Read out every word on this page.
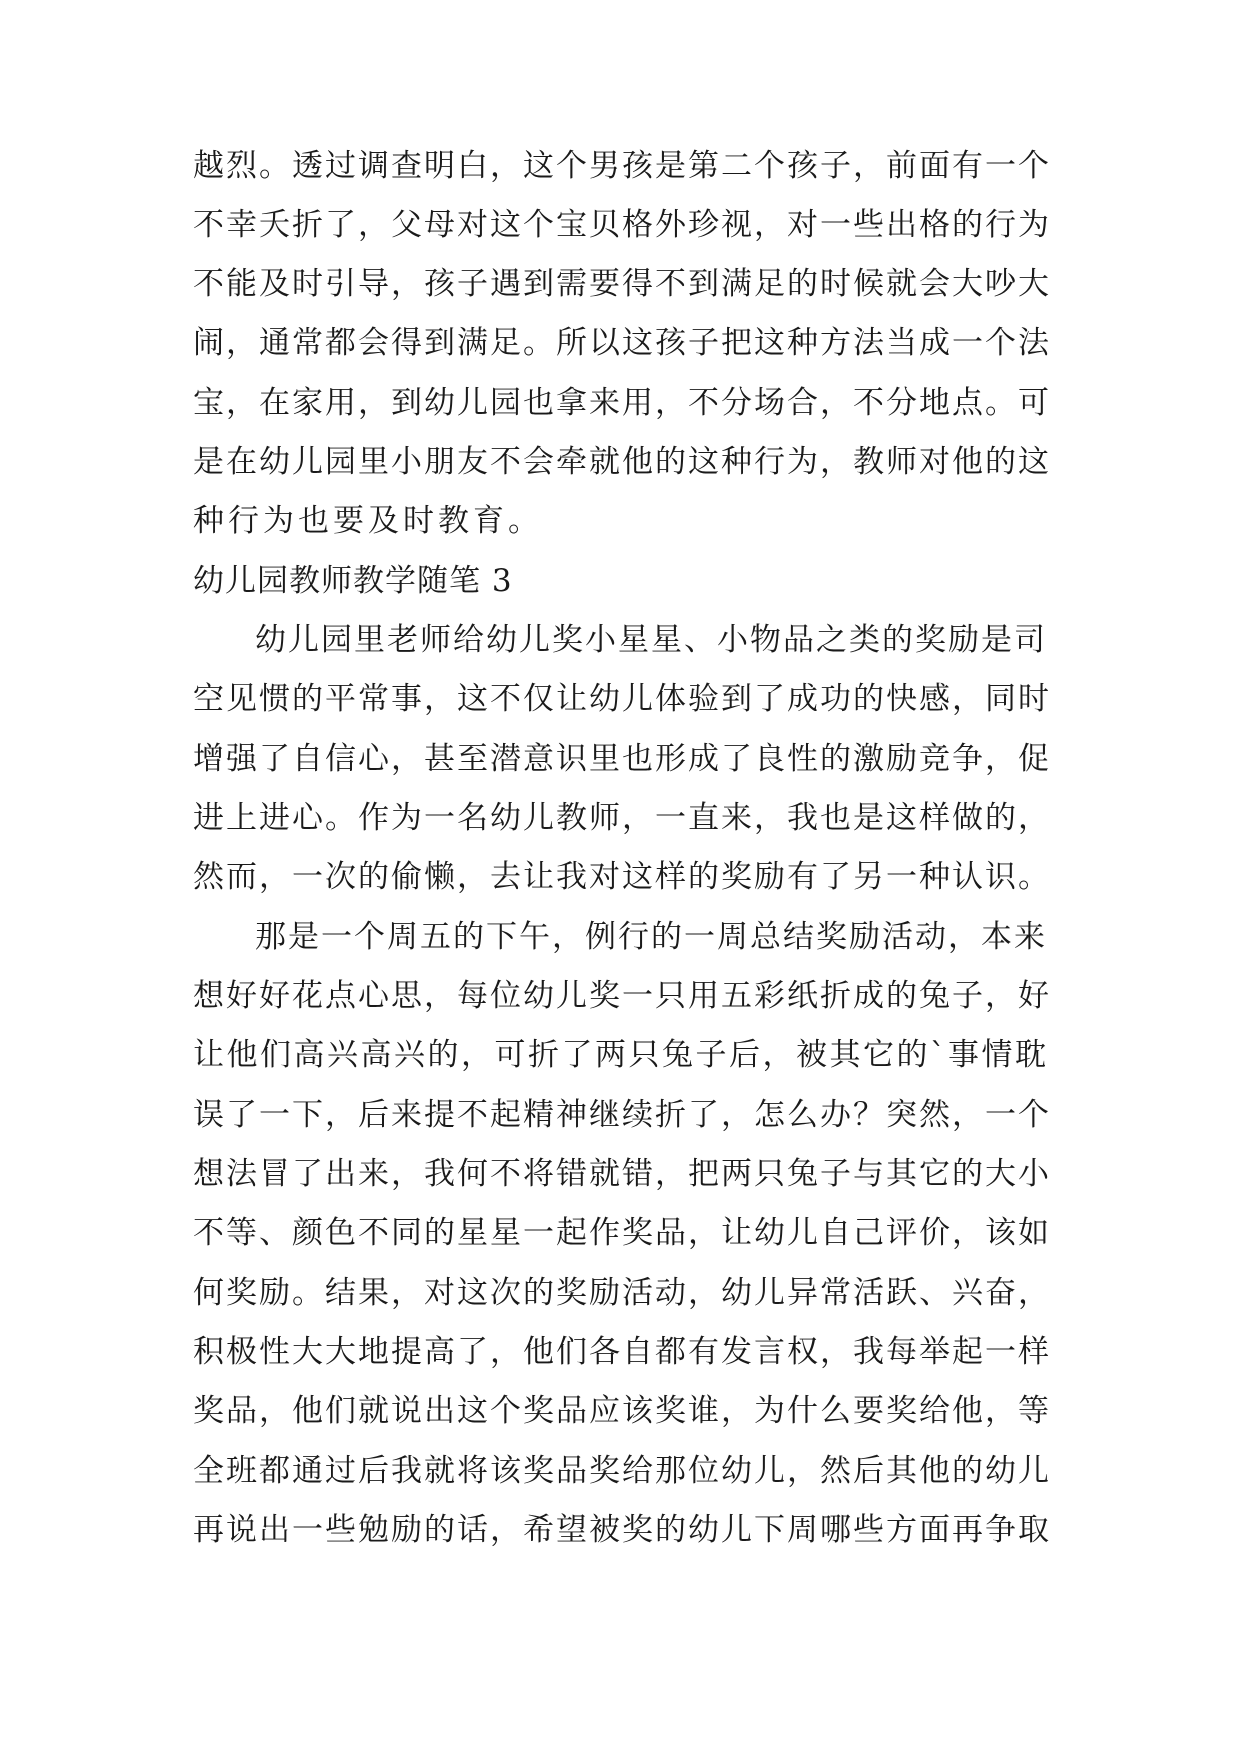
越烈。透过调查明白，这个男孩是第二个孩子，前面有一个
不幸夭折了，父母对这个宝贝格外珍视，对一些出格的行为
不能及时引导，孩子遇到需要得不到满足的时候就会大吵大
闹，通常都会得到满足。所以这孩子把这种方法当成一个法
宝，在家用，到幼儿园也拿来用，不分场合，不分地点。可
是在幼儿园里小朋友不会牵就他的这种行为，教师对他的这
种行为也要及时教育。
幼儿园教师教学随笔 3
幼儿园里老师给幼儿奖小星星、小物品之类的奖励是司
空见惯的平常事，这不仅让幼儿体验到了成功的快感，同时
增强了自信心，甚至潜意识里也形成了良性的激励竞争，促
进上进心。作为一名幼儿教师，一直来，我也是这样做的，
然而，一次的偷懒，去让我对这样的奖励有了另一种认识。
那是一个周五的下午，例行的一周总结奖励活动，本来
想好好花点心思，每位幼儿奖一只用五彩纸折成的兔子，好
让他们高兴高兴的，可折了两只兔子后，被其它的`事情耽
误了一下，后来提不起精神继续折了，怎么办？突然，一个
想法冒了出来，我何不将错就错，把两只兔子与其它的大小
不等、颜色不同的星星一起作奖品，让幼儿自己评价，该如
何奖励。结果，对这次的奖励活动，幼儿异常活跃、兴奋，
积极性大大地提高了，他们各自都有发言权，我每举起一样
奖品，他们就说出这个奖品应该奖谁，为什么要奖给他，等
全班都通过后我就将该奖品奖给那位幼儿，然后其他的幼儿
再说出一些勉励的话，希望被奖的幼儿下周哪些方面再争取
